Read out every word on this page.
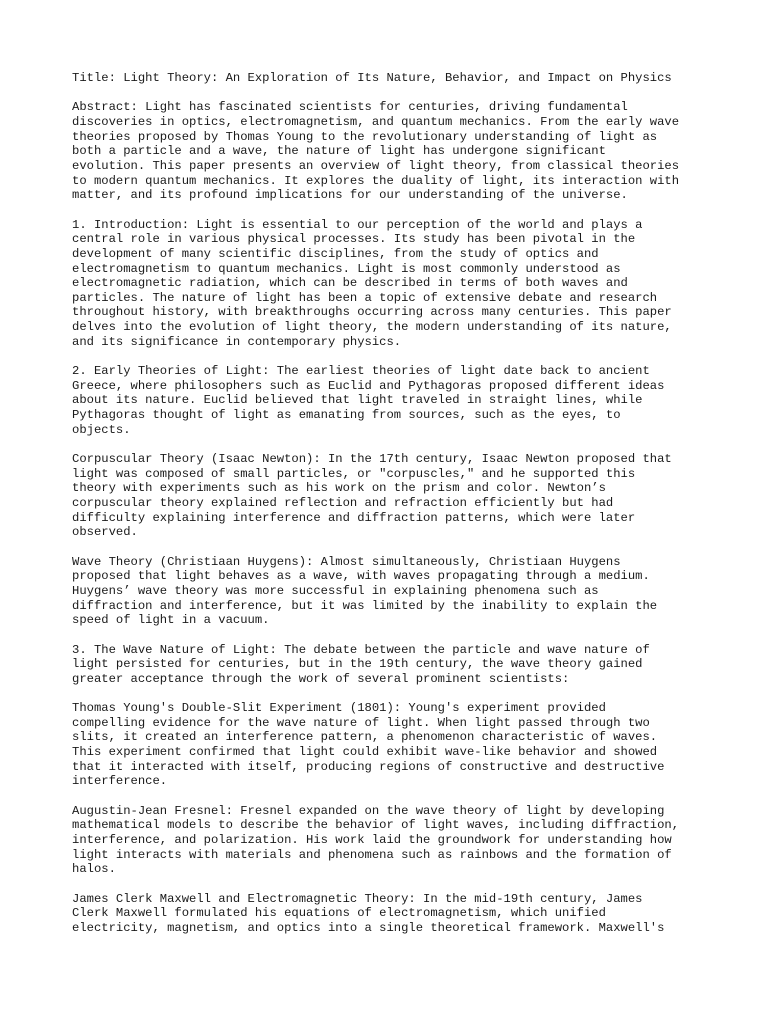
Title: Light Theory: An Exploration of Its Nature, Behavior, and Impact on Physics

Abstract: Light has fascinated scientists for centuries, driving fundamental
discoveries in optics, electromagnetism, and quantum mechanics. From the early wave
theories proposed by Thomas Young to the revolutionary understanding of light as
both a particle and a wave, the nature of light has undergone significant
evolution. This paper presents an overview of light theory, from classical theories
to modern quantum mechanics. It explores the duality of light, its interaction with
matter, and its profound implications for our understanding of the universe.

1. Introduction: Light is essential to our perception of the world and plays a
central role in various physical processes. Its study has been pivotal in the
development of many scientific disciplines, from the study of optics and
electromagnetism to quantum mechanics. Light is most commonly understood as
electromagnetic radiation, which can be described in terms of both waves and
particles. The nature of light has been a topic of extensive debate and research
throughout history, with breakthroughs occurring across many centuries. This paper
delves into the evolution of light theory, the modern understanding of its nature,
and its significance in contemporary physics.

2. Early Theories of Light: The earliest theories of light date back to ancient
Greece, where philosophers such as Euclid and Pythagoras proposed different ideas
about its nature. Euclid believed that light traveled in straight lines, while
Pythagoras thought of light as emanating from sources, such as the eyes, to
objects.

Corpuscular Theory (Isaac Newton): In the 17th century, Isaac Newton proposed that
light was composed of small particles, or "corpuscles," and he supported this
theory with experiments such as his work on the prism and color. Newton’s
corpuscular theory explained reflection and refraction efficiently but had
difficulty explaining interference and diffraction patterns, which were later
observed.

Wave Theory (Christiaan Huygens): Almost simultaneously, Christiaan Huygens
proposed that light behaves as a wave, with waves propagating through a medium.
Huygens’ wave theory was more successful in explaining phenomena such as
diffraction and interference, but it was limited by the inability to explain the
speed of light in a vacuum.

3. The Wave Nature of Light: The debate between the particle and wave nature of
light persisted for centuries, but in the 19th century, the wave theory gained
greater acceptance through the work of several prominent scientists:

Thomas Young's Double-Slit Experiment (1801): Young's experiment provided
compelling evidence for the wave nature of light. When light passed through two
slits, it created an interference pattern, a phenomenon characteristic of waves.
This experiment confirmed that light could exhibit wave-like behavior and showed
that it interacted with itself, producing regions of constructive and destructive
interference.

Augustin-Jean Fresnel: Fresnel expanded on the wave theory of light by developing
mathematical models to describe the behavior of light waves, including diffraction,
interference, and polarization. His work laid the groundwork for understanding how
light interacts with materials and phenomena such as rainbows and the formation of
halos.

James Clerk Maxwell and Electromagnetic Theory: In the mid-19th century, James
Clerk Maxwell formulated his equations of electromagnetism, which unified
electricity, magnetism, and optics into a single theoretical framework. Maxwell's
